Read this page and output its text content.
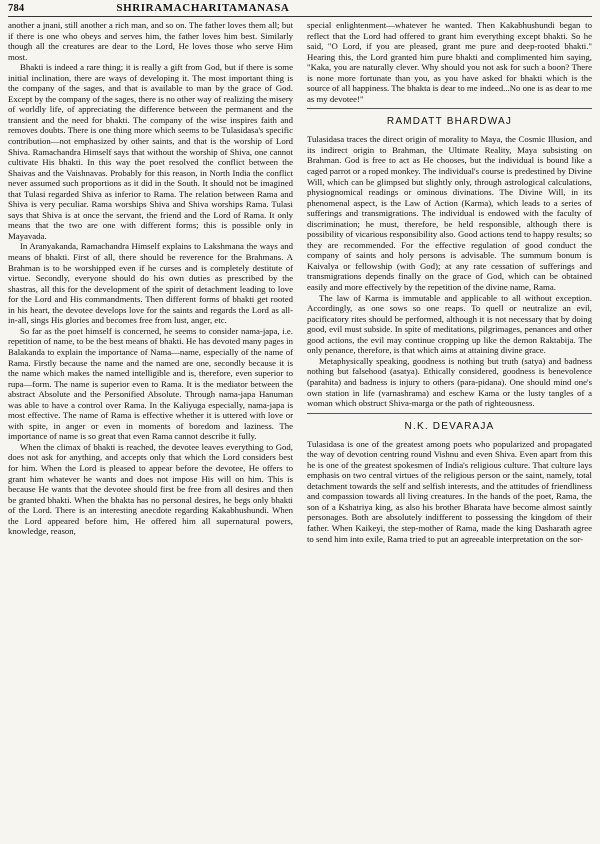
784	SHRIRAMACHARITAMANASA

another a jnani, still another a rich man, and so on. The father loves them all; but if there is one who obeys and serves him, the father loves him best. Similarly though all the creatures are dear to the Lord, He loves those who serve Him most.

Bhakti is indeed a rare thing; it is really a gift from God, but if there is some initial inclination, there are ways of developing it. The most important thing is the company of the sages, and that is available to man by the grace of God. Except by the company of the sages, there is no other way of realizing the misery of worldly life, of appreciating the difference between the permanent and the transient and the need for bhakti. The company of the wise inspires faith and removes doubts. There is one thing more which seems to be Tulasidasa's specific contribution—not emphasized by other saints, and that is the worship of Lord Shiva. Ramachandra Himself says that without the worship of Shiva, one cannot cultivate His bhakti. In this way the poet resolved the conflict between the Shaivas and the Vaishnavas. Probably for this reason, in North India the conflict never assumed such proportions as it did in the South. It should not be imagined that Tulasi regarded Shiva as inferior to Rama. The relation between Rama and Shiva is very peculiar. Rama worships Shiva and Shiva worships Rama. Tulasi says that Shiva is at once the servant, the friend and the Lord of Rama. It only means that the two are one with different forms; this is possible only in Mayavada.

In Aranyakanda, Ramachandra Himself explains to Lakshmana the ways and means of bhakti. First of all, there should be reverence for the Brahmans. A Brahman is to be worshipped even if he curses and is completely destitute of virtue. Secondly, everyone should do his own duties as prescribed by the shastras, all this for the development of the spirit of detachment leading to love for the Lord and His commandments. Then different forms of bhakti get rooted in his heart, the devotee develops love for the saints and regards the Lord as all-in-all, sings His glories and becomes free from lust, anger, etc.

So far as the poet himself is concerned, he seems to consider nama-japa, i.e. repetition of name, to be the best means of bhakti. He has devoted many pages in Balakanda to explain the importance of Nama—name, especially of the name of Rama. Firstly because the name and the named are one, secondly because it is the name which makes the named intelligible and is, therefore, even superior to rupa—form. The name is superior even to Rama. It is the mediator between the abstract Absolute and the Personified Absolute. Through nama-japa Hanuman was able to have a control over Rama. In the Kaliyuga especially, nama-japa is most effective. The name of Rama is effective whether it is uttered with love or with spite, in anger or even in moments of boredom and laziness. The importance of name is so great that even Rama cannot describe it fully.

When the climax of bhakti is reached, the devotee leaves everything to God, does not ask for anything, and accepts only that which the Lord considers best for him. When the Lord is pleased to appear before the devotee, He offers to grant him whatever he wants and does not impose His will on him. This is because He wants that the devotee should first be free from all desires and then be granted bhakti. When the bhakta has no personal desires, he begs only bhakti of the Lord. There is an interesting anecdote regarding Kakabhushundi. When the Lord appeared before him, He offered him all supernatural powers, knowledge, reason,

special enlightenment—whatever he wanted. Then Kakabhushundi began to reflect that the Lord had offered to grant him everything except bhakti. So he said, "O Lord, if you are pleased, grant me pure and deep-rooted bhakti." Hearing this, the Lord granted him pure bhakti and complimented him saying, "Kaka, you are naturally clever. Why should you not ask for such a boon? There is none more fortunate than you, as you have asked for bhakti which is the source of all happiness. The bhakta is dear to me indeed...No one is as dear to me as my devotee!"

RAMDATT BHARDWAJ

Tulasidasa traces the direct origin of morality to Maya, the Cosmic Illusion, and its indirect origin to Brahman, the Ultimate Reality, Maya subsisting on Brahman. God is free to act as He chooses, but the individual is bound like a caged parrot or a roped monkey. The individual's course is predestined by Divine Will, which can be glimpsed but slightly only, through astrological calculations, physiognomical readings or ominous divinations. The Divine Will, in its phenomenal aspect, is the Law of Action (Karma), which leads to a series of sufferings and transmigrations. The individual is endowed with the faculty of discrimination; he must, therefore, be held responsible, although there is possibility of vicarious responsibility also. Good actions tend to happy results; so they are recommended. For the effective regulation of good conduct the company of saints and holy persons is advisable. The summum bonum is Kaivalya or fellowship (with God); at any rate cessation of sufferings and transmigrations depends finally on the grace of God, which can be obtained easily and more effectively by the repetition of the divine name, Rama.

The law of Karma is immutable and applicable to all without exception. Accordingly, as one sows so one reaps. To quell or neutralize an evil, pacificatory rites should be performed, although it is not necessary that by doing good, evil must subside. In spite of meditations, pilgrimages, penances and other good actions, the evil may continue cropping up like the demon Raktabija. The only penance, therefore, is that which aims at attaining divine grace.

Metaphysically speaking, goodness is nothing but truth (satya) and badness nothing but falsehood (asatya). Ethically considered, goodness is benevolence (parahita) and badness is injury to others (para-pidana). One should mind one's own station in life (varnashrama) and eschew Kama or the lusty tangles of a woman which obstruct Shiva-marga or the path of righteousness.

N.K. DEVARAJA

Tulasidasa is one of the greatest among poets who popularized and propagated the way of devotion centring round Vishnu and even Shiva. Even apart from this he is one of the greatest spokesmen of India's religious culture. That culture lays emphasis on two central virtues of the religious person or the saint, namely, total detachment towards the self and selfish interests, and the attitudes of friendliness and compassion towards all living creatures. In the hands of the poet, Rama, the son of a Kshatriya king, as also his brother Bharata have become almost saintly personages. Both are absolutely indifferent to possessing the kingdom of their father. When Kaikeyi, the step-mother of Rama, made the king Dasharath agree to send him into exile, Rama tried to put an agreeable interpretation on the sor-
